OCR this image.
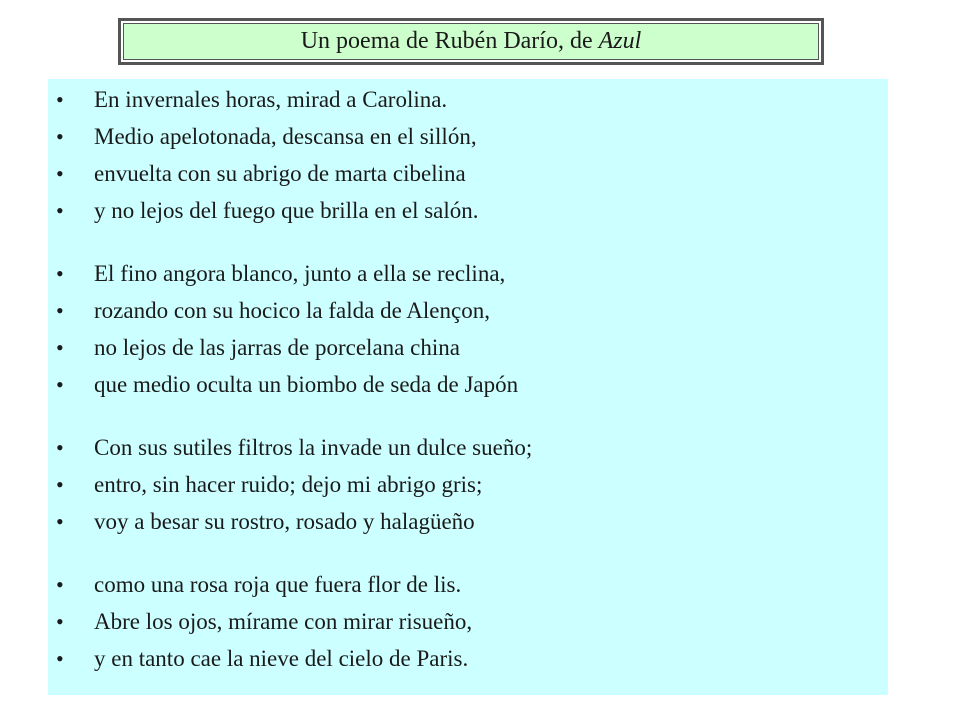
Un poema de Rubén Darío, de Azul
• En invernales horas, mirad a Carolina.
• Medio apelotonada, descansa en el sillón,
• envuelta con su abrigo de marta cibelina
• y no lejos del fuego que brilla en el salón.
• El fino angora blanco, junto a ella se reclina,
• rozando con su hocico la falda de Alençon,
• no lejos de las jarras de porcelana china
• que medio oculta un biombo de seda de Japón
• Con sus sutiles filtros la invade un dulce sueño;
• entro, sin hacer ruido; dejo mi abrigo gris;
• voy a besar su rostro, rosado y halagüeño
• como una rosa roja que fuera flor de lis.
• Abre los ojos, mírame con mirar risueño,
• y en tanto cae la nieve del cielo de Paris.
